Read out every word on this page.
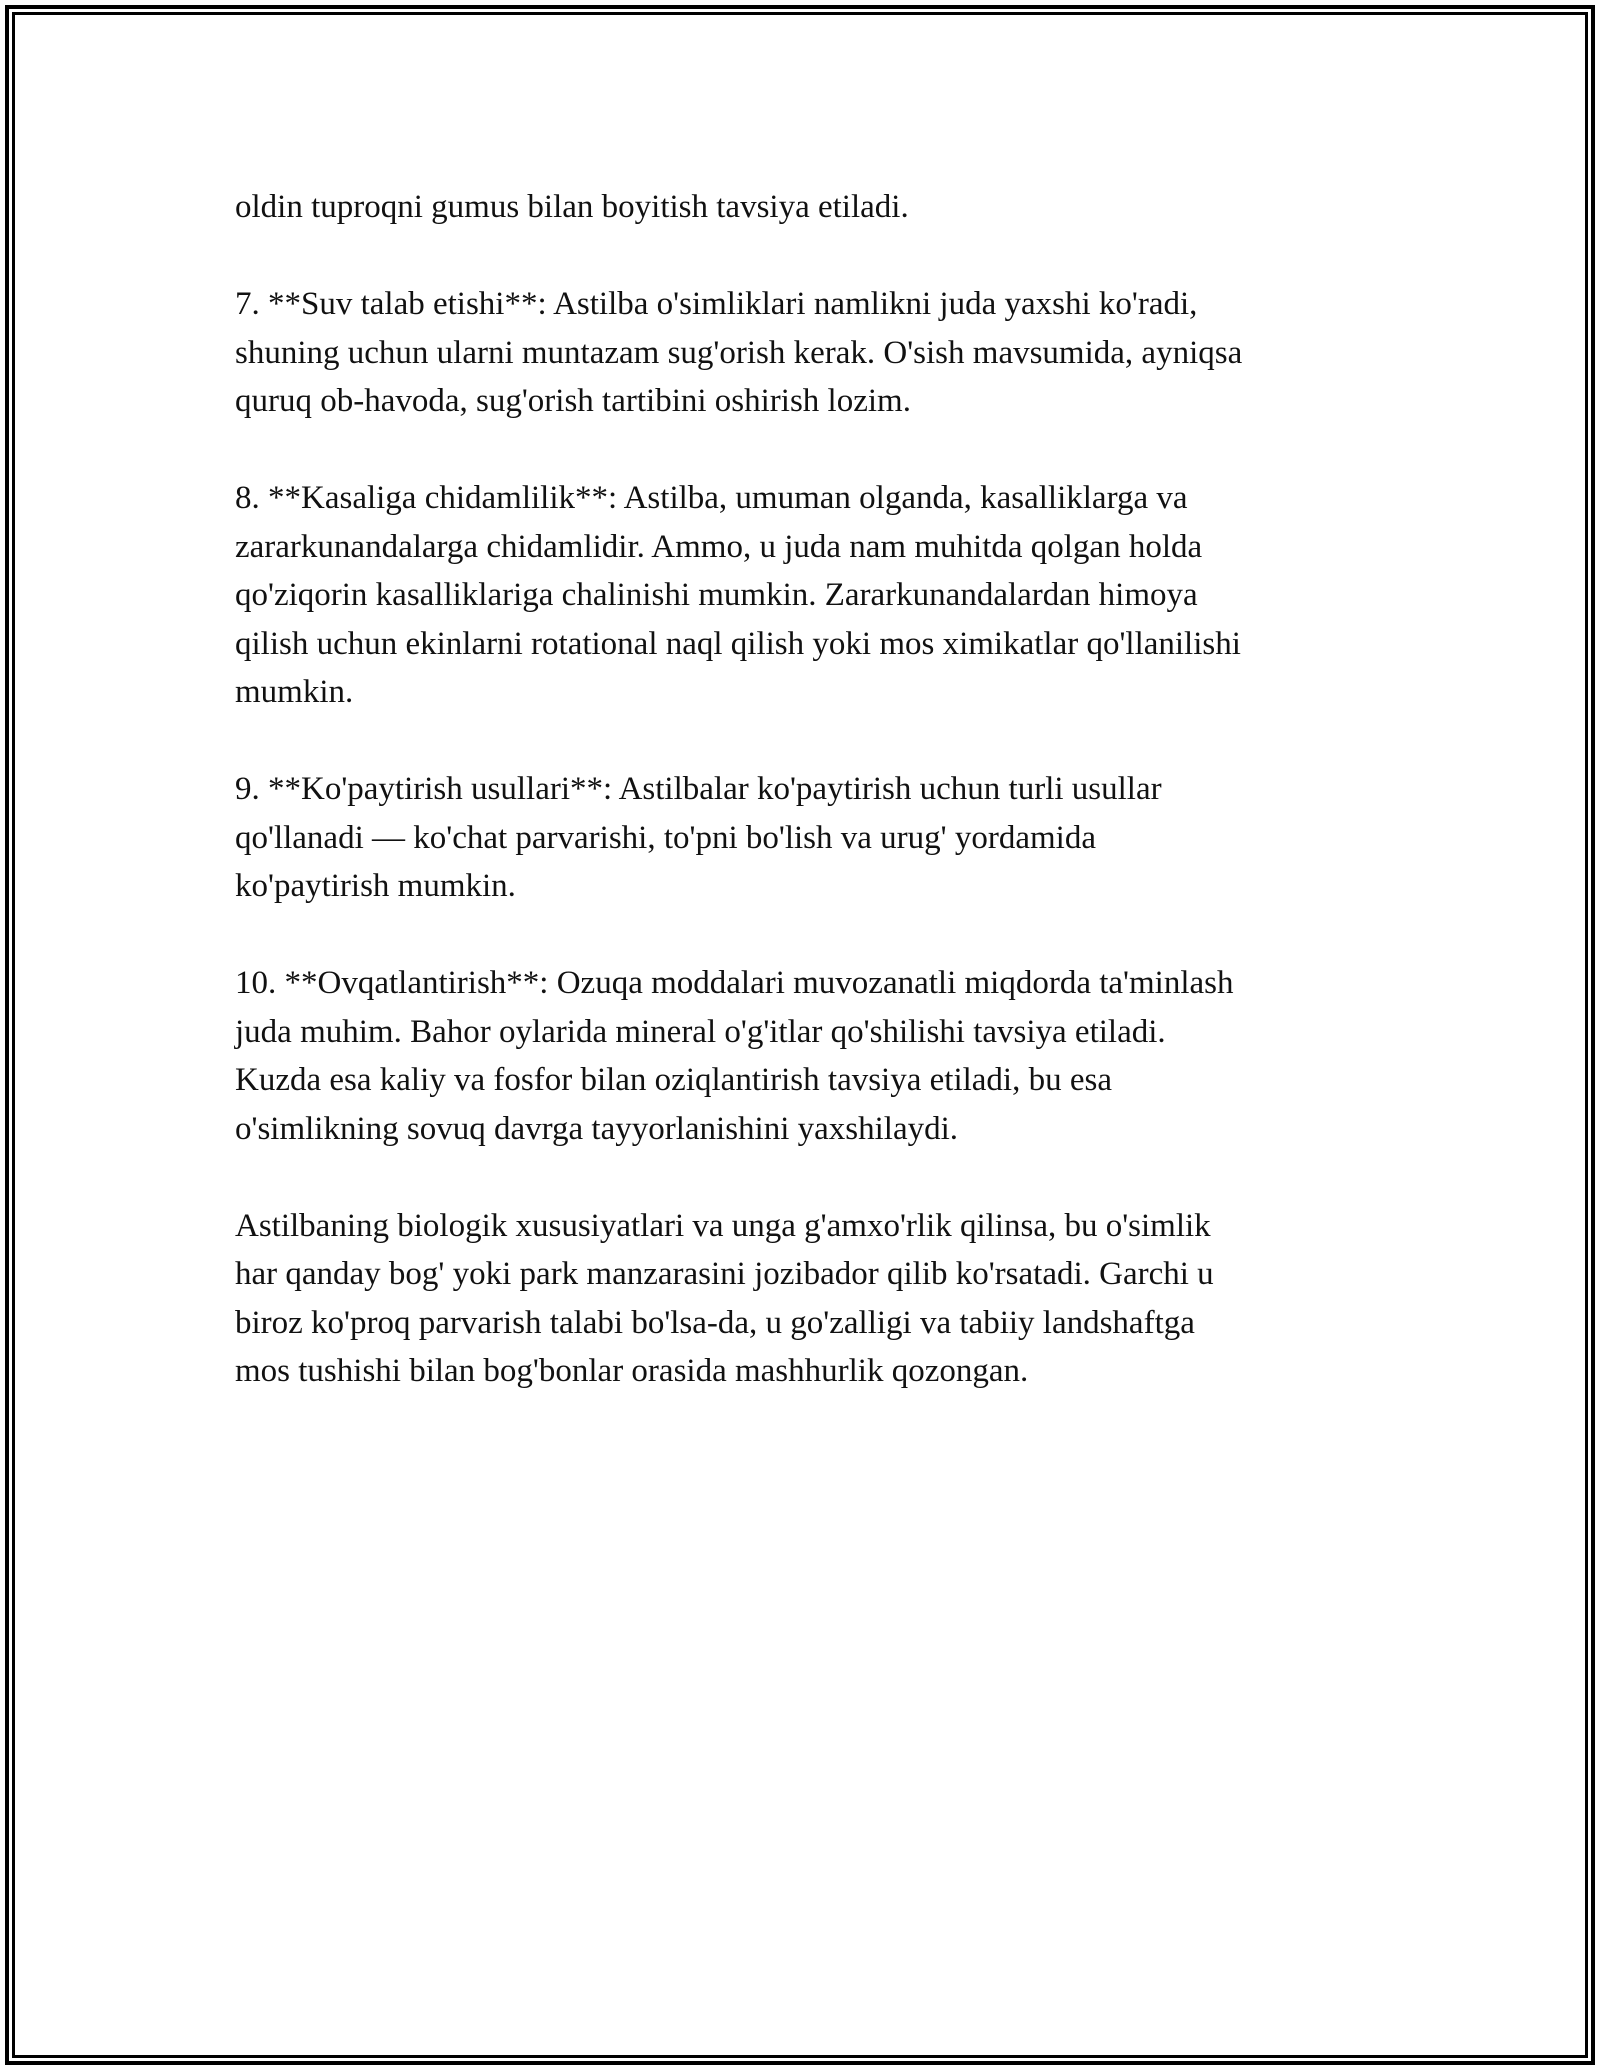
oldin tuproqni gumus bilan boyitish tavsiya etiladi.

7. **Suv talab etishi**: Astilba o'simliklari namlikni juda yaxshi ko'radi,
shuning uchun ularni muntazam sug'orish kerak. O'sish mavsumida, ayniqsa
quruq ob-havoda, sug'orish tartibini oshirish lozim.

8. **Kasaliga chidamlilik**: Astilba, umuman olganda, kasalliklarga va
zararkunandalarga chidamlidir. Ammo, u juda nam muhitda qolgan holda
qo'ziqorin kasalliklariga chalinishi mumkin. Zararkunandalardan himoya
qilish uchun ekinlarni rotational naql qilish yoki mos ximikatlar qo'llanilishi
mumkin.

9. **Ko'paytirish usullari**: Astilbalar ko'paytirish uchun turli usullar
qo'llanadi — ko'chat parvarishi, to'pni bo'lish va urug' yordamida
ko'paytirish mumkin.

10. **Ovqatlantirish**: Ozuqa moddalari muvozanatli miqdorda ta'minlash
juda muhim. Bahor oylarida mineral o'g'itlar qo'shilishi tavsiya etiladi.
Kuzda esa kaliy va fosfor bilan oziqlantirish tavsiya etiladi, bu esa
o'simlikning sovuq davrga tayyorlanishini yaxshilaydi.

Astilbaning biologik xususiyatlari va unga g'amxo'rlik qilinsa, bu o'simlik
har qanday bog' yoki park manzarasini jozibador qilib ko'rsatadi. Garchi u
biroz ko'proq parvarish talabi bo'lsa-da, u go'zalligi va tabiiy landshaftga
mos tushishi bilan bog'bonlar orasida mashhurlik qozongan.
